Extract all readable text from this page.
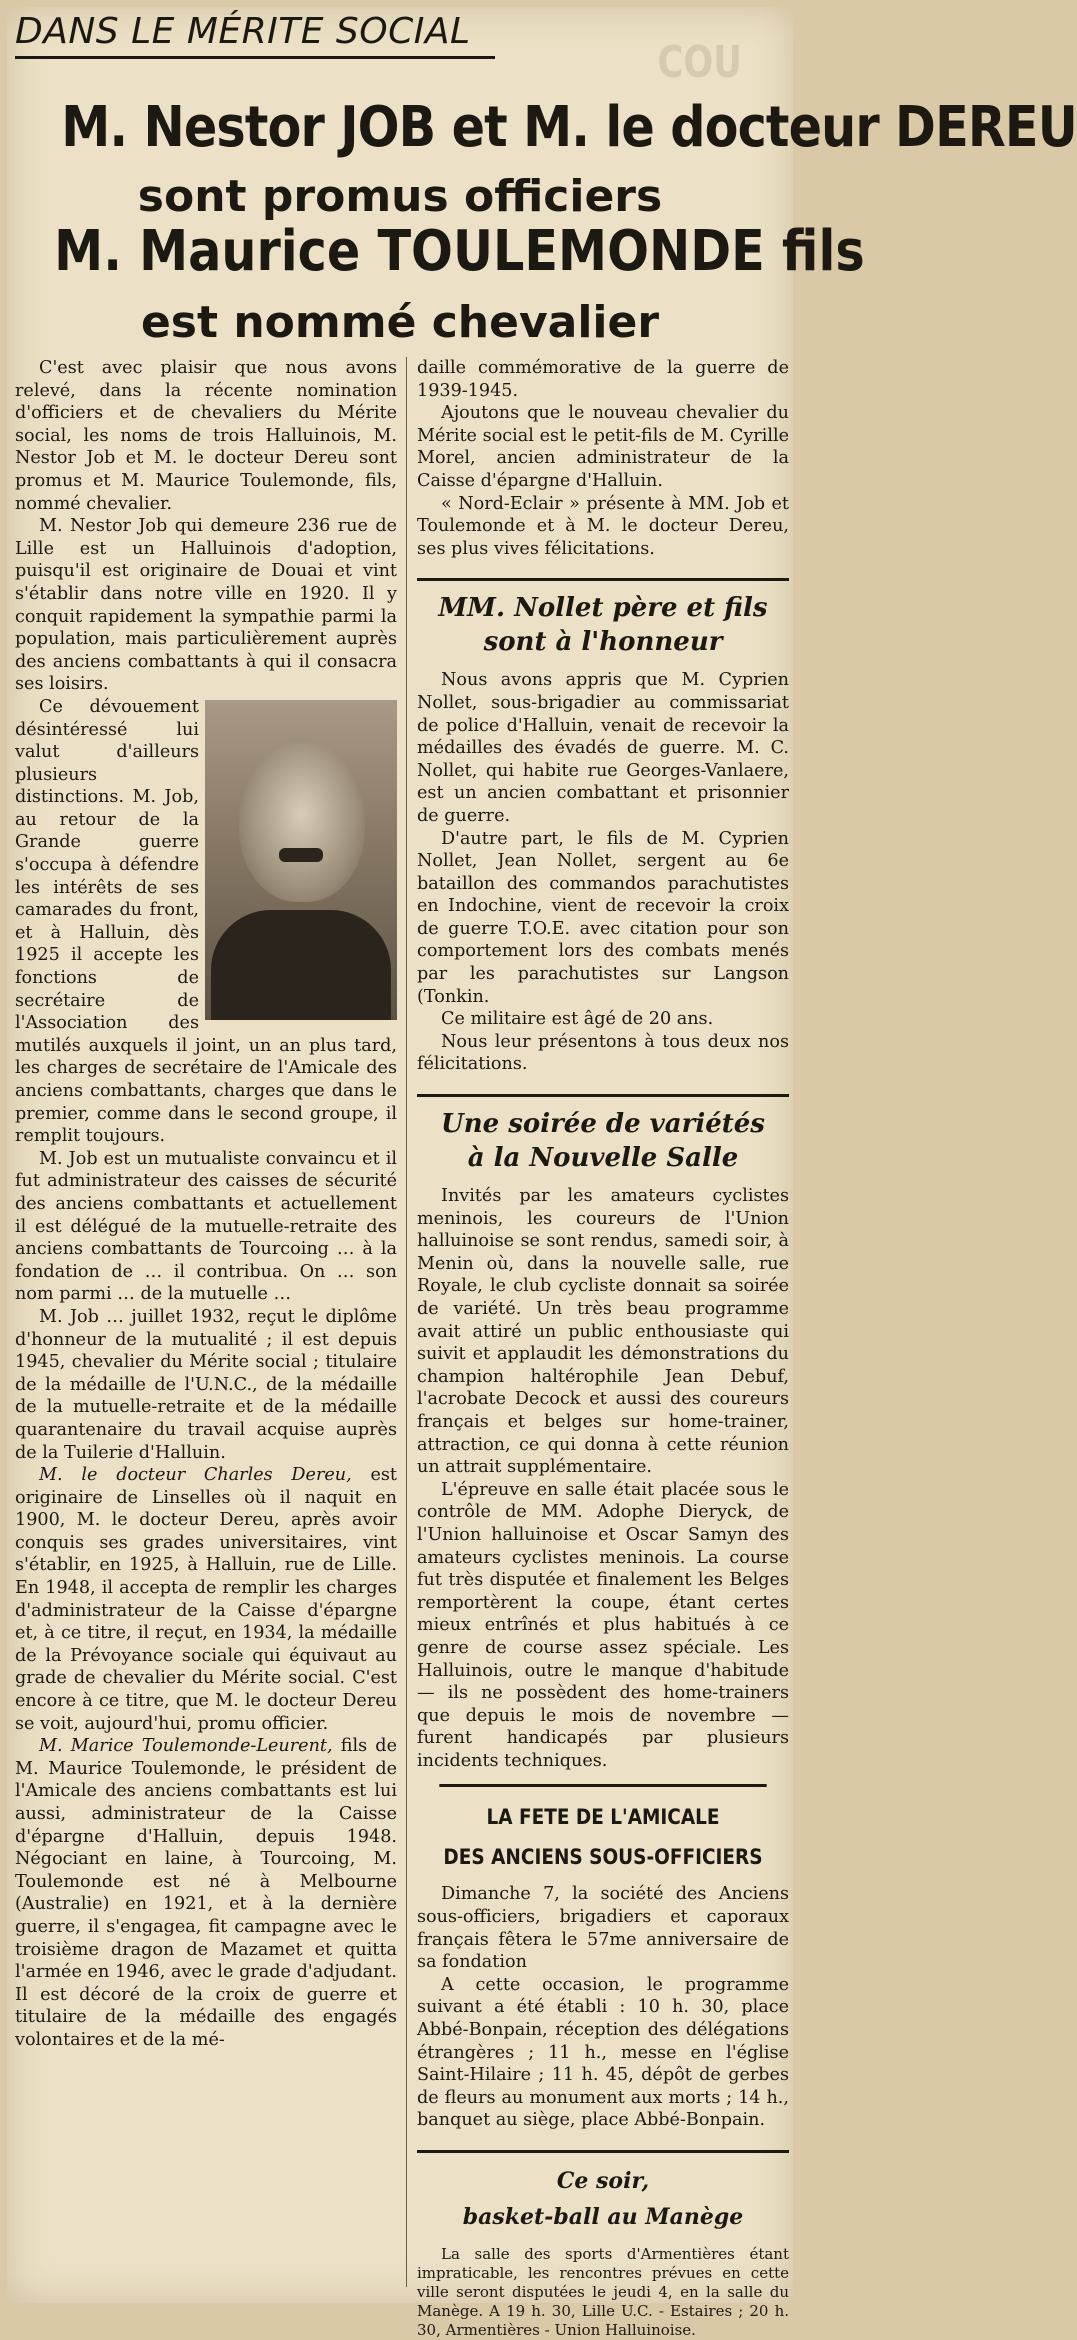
DANS LE MÉRITE SOCIAL
COU
M. Nestor JOB et M. le docteur DEREU
sont promus officiers
M. Maurice TOULEMONDE fils
est nommé chevalier

C'est avec plaisir que nous avons relevé, dans la récente nomination d'officiers et de chevaliers du Mérite social, les noms de trois Halluinois, M. Nestor Job et M. le docteur Dereu sont promus et M. Maurice Toulemonde, fils, nommé chevalier.

M. Nestor Job qui demeure 236 rue de Lille est un Halluinois d'adoption, puisqu'il est originaire de Douai et vint s'établir dans notre ville en 1920. Il y conquit rapidement la sympathie parmi la population, mais particulièrement auprès des anciens combattants à qui il consacra ses loisirs.

Ce dévouement désintéressé lui valut d'ailleurs plusieurs distinctions. M. Job, au retour de la Grande guerre s'occupa à défendre les intérêts de ses camarades du front, et à Halluin, dès 1925 il accepte les fonctions de secrétaire de l'Association des mutilés auxquels il joint, un an plus tard, les charges de secrétaire de l'Amicale des anciens combattants, charges que dans le premier, comme dans le second groupe, il remplit toujours.

M. Job est un mutualiste convaincu et il fut administrateur des caisses de sécurité des anciens combattants et actuellement il est délégué de la mutuelle-retraite des anciens combattants de Tourcoing … à la fondation de … il contribua. On … son nom parmi … de la mutuelle …

M. Job … juillet 1932, reçut le diplôme d'honneur de la mutualité ; il est depuis 1945, chevalier du Mérite social ; titulaire de la médaille de l'U.N.C., de la médaille de la mutuelle-retraite et de la médaille quarantenaire du travail acquise auprès de la Tuilerie d'Halluin.

M. le docteur Charles Dereu, est originaire de Linselles où il naquit en 1900, M. le docteur Dereu, après avoir conquis ses grades universitaires, vint s'établir, en 1925, à Halluin, rue de Lille. En 1948, il accepta de remplir les charges d'administrateur de la Caisse d'épargne et, à ce titre, il reçut, en 1934, la médaille de la Prévoyance sociale qui équivaut au grade de chevalier du Mérite social. C'est encore à ce titre, que M. le docteur Dereu se voit, aujourd'hui, promu officier.

M. Marice Toulemonde-Leurent, fils de M. Maurice Toulemonde, le président de l'Amicale des anciens combattants est lui aussi, administrateur de la Caisse d'épargne d'Halluin, depuis 1948. Négociant en laine, à Tourcoing, M. Toulemonde est né à Melbourne (Australie) en 1921, et à la dernière guerre, il s'engagea, fit campagne avec le troisième dragon de Mazamet et quitta l'armée en 1946, avec le grade d'adjudant. Il est décoré de la croix de guerre et titulaire de la médaille des engagés volontaires et de la mé-

daille commémorative de la guerre de 1939-1945.

Ajoutons que le nouveau chevalier du Mérite social est le petit-fils de M. Cyrille Morel, ancien administrateur de la Caisse d'épargne d'Halluin.

« Nord-Eclair » présente à MM. Job et Toulemonde et à M. le docteur Dereu, ses plus vives félicitations.

MM. Nollet père et fils
sont à l'honneur

Nous avons appris que M. Cyprien Nollet, sous-brigadier au commissariat de police d'Halluin, venait de recevoir la médailles des évadés de guerre. M. C. Nollet, qui habite rue Georges-Vanlaere, est un ancien combattant et prisonnier de guerre.

D'autre part, le fils de M. Cyprien Nollet, Jean Nollet, sergent au 6e bataillon des commandos parachutistes en Indochine, vient de recevoir la croix de guerre T.O.E. avec citation pour son comportement lors des combats menés par les parachutistes sur Langson (Tonkin.

Ce militaire est âgé de 20 ans.

Nous leur présentons à tous deux nos félicitations.

Une soirée de variétés
à la Nouvelle Salle

Invités par les amateurs cyclistes meninois, les coureurs de l'Union halluinoise se sont rendus, samedi soir, à Menin où, dans la nouvelle salle, rue Royale, le club cycliste donnait sa soirée de variété. Un très beau programme avait attiré un public enthousiaste qui suivit et applaudit les démonstrations du champion haltérophile Jean Debuf, l'acrobate Decock et aussi des coureurs français et belges sur home-trainer, attraction, ce qui donna à cette réunion un attrait supplémentaire.

L'épreuve en salle était placée sous le contrôle de MM. Adophe Dieryck, de l'Union halluinoise et Oscar Samyn des amateurs cyclistes meninois. La course fut très disputée et finalement les Belges remportèrent la coupe, étant certes mieux entrînés et plus habitués à ce genre de course assez spéciale. Les Halluinois, outre le manque d'habitude — ils ne possèdent des home-trainers que depuis le mois de novembre — furent handicapés par plusieurs incidents techniques.

LA FETE DE L'AMICALE
DES ANCIENS SOUS-OFFICIERS

Dimanche 7, la société des Anciens sous-officiers, brigadiers et caporaux français fêtera le 57me anniversaire de sa fondation

A cette occasion, le programme suivant a été établi : 10 h. 30, place Abbé-Bonpain, réception des délégations étrangères ; 11 h., messe en l'église Saint-Hilaire ; 11 h. 45, dépôt de gerbes de fleurs au monument aux morts ; 14 h., banquet au siège, place Abbé-Bonpain.

Ce soir,
basket-ball au Manège

La salle des sports d'Armentières étant impraticable, les rencontres prévues en cette ville seront disputées le jeudi 4, en la salle du Manège. A 19 h. 30, Lille U.C. - Estaires ; 20 h. 30, Armentières - Union Halluinoise.
